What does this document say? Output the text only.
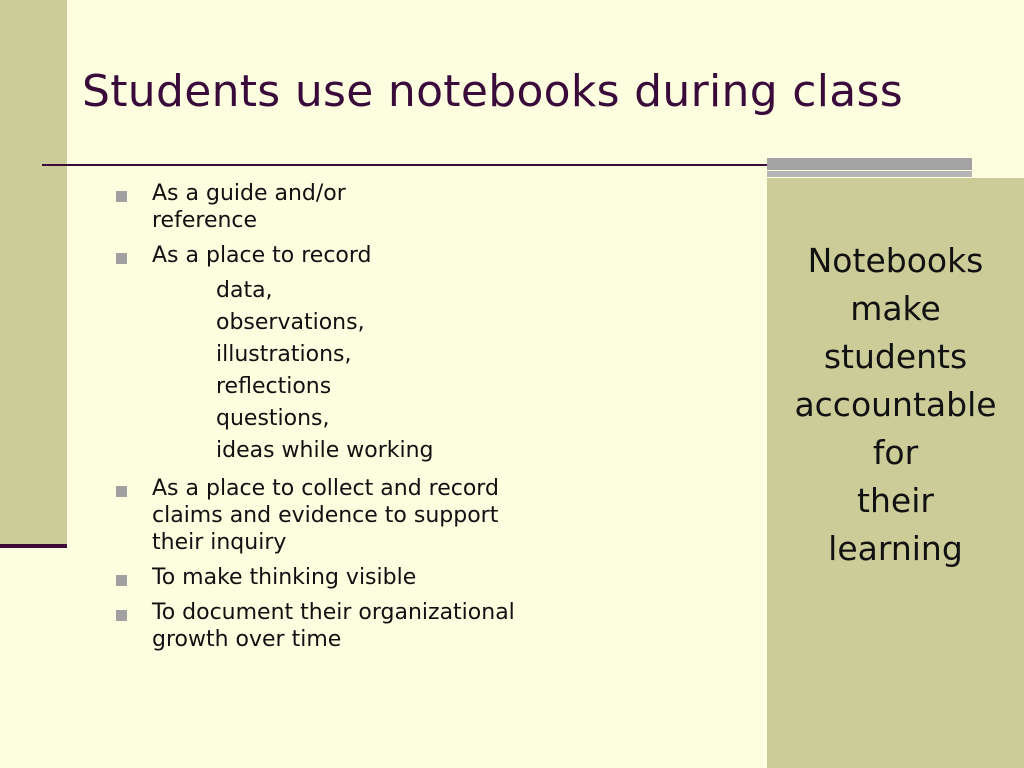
Students use notebooks during class
As a guide and/or reference
As a place to record
data,
observations,
illustrations,
reflections
questions,
ideas while working
As a place to collect and record claims and evidence to support their inquiry
To make thinking visible
To document their organizational growth over time

Notebooks
make
students
accountable
for
their
learning
